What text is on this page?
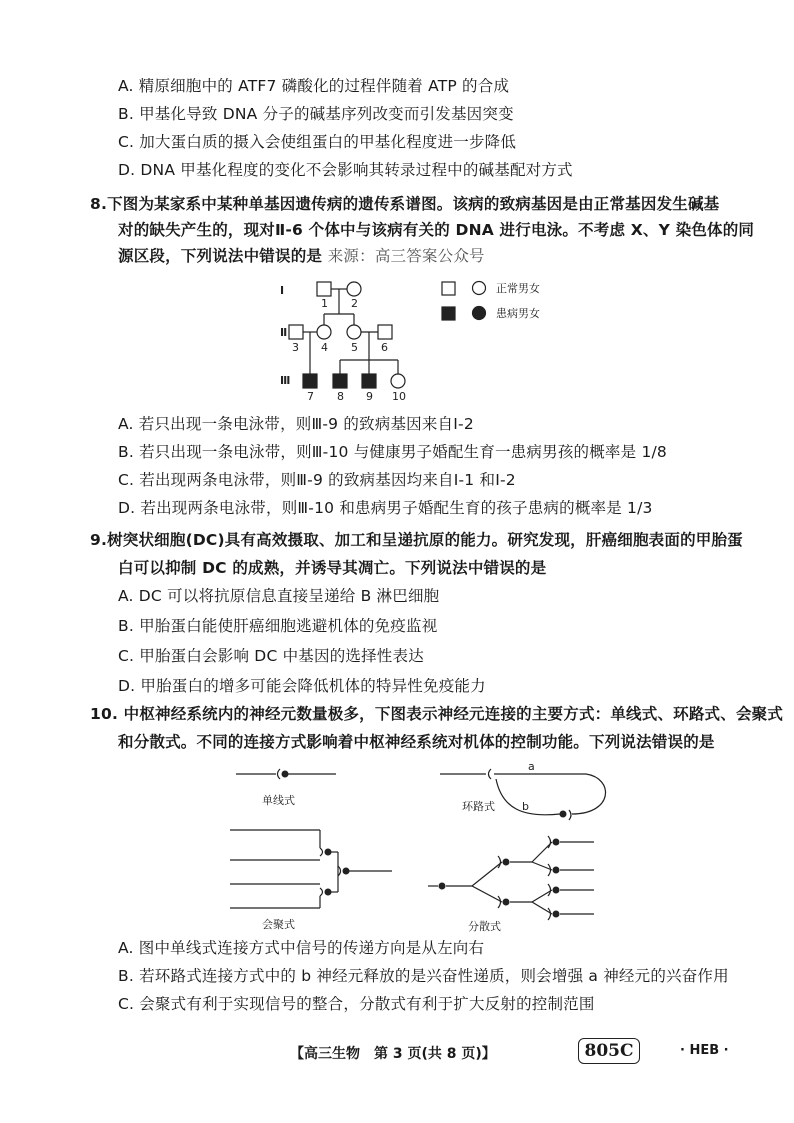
A. 精原细胞中的 ATF7 磷酸化的过程伴随着 ATP 的合成
B. 甲基化导致 DNA 分子的碱基序列改变而引发基因突变
C. 加大蛋白质的摄入会使组蛋白的甲基化程度进一步降低
D. DNA 甲基化程度的变化不会影响其转录过程中的碱基配对方式
8.下图为某家系中某种单基因遗传病的遗传系谱图。该病的致病基因是由正常基因发生碱基
对的缺失产生的，现对Ⅱ-6 个体中与该病有关的 DNA 进行电泳。不考虑 X、Y 染色体的同
源区段，下列说法中错误的是 来源：高三答案公众号
Ⅰ
Ⅱ
Ⅲ
1 2
3 4 5 6
7 8 9 10
正常男女
患病男女
A. 若只出现一条电泳带，则Ⅲ-9 的致病基因来自Ⅰ-2
B. 若只出现一条电泳带，则Ⅲ-10 与健康男子婚配生育一患病男孩的概率是 1/8
C. 若出现两条电泳带，则Ⅲ-9 的致病基因均来自Ⅰ-1 和Ⅰ-2
D. 若出现两条电泳带，则Ⅲ-10 和患病男子婚配生育的孩子患病的概率是 1/3
9.树突状细胞(DC)具有高效摄取、加工和呈递抗原的能力。研究发现，肝癌细胞表面的甲胎蛋
白可以抑制 DC 的成熟，并诱导其凋亡。下列说法中错误的是
A. DC 可以将抗原信息直接呈递给 B 淋巴细胞
B. 甲胎蛋白能使肝癌细胞逃避机体的免疫监视
C. 甲胎蛋白会影响 DC 中基因的选择性表达
D. 甲胎蛋白的增多可能会降低机体的特异性免疫能力
10. 中枢神经系统内的神经元数量极多，下图表示神经元连接的主要方式：单线式、环路式、会聚式
和分散式。不同的连接方式影响着中枢神经系统对机体的控制功能。下列说法错误的是
单线式
a
b
环路式
会聚式	分散式
A. 图中单线式连接方式中信号的传递方向是从左向右
B. 若环路式连接方式中的 b 神经元释放的是兴奋性递质，则会增强 a 神经元的兴奋作用
C. 会聚式有利于实现信号的整合，分散式有利于扩大反射的控制范围
【高三生物　第 3 页(共 8 页)】	805C	· HEB ·
